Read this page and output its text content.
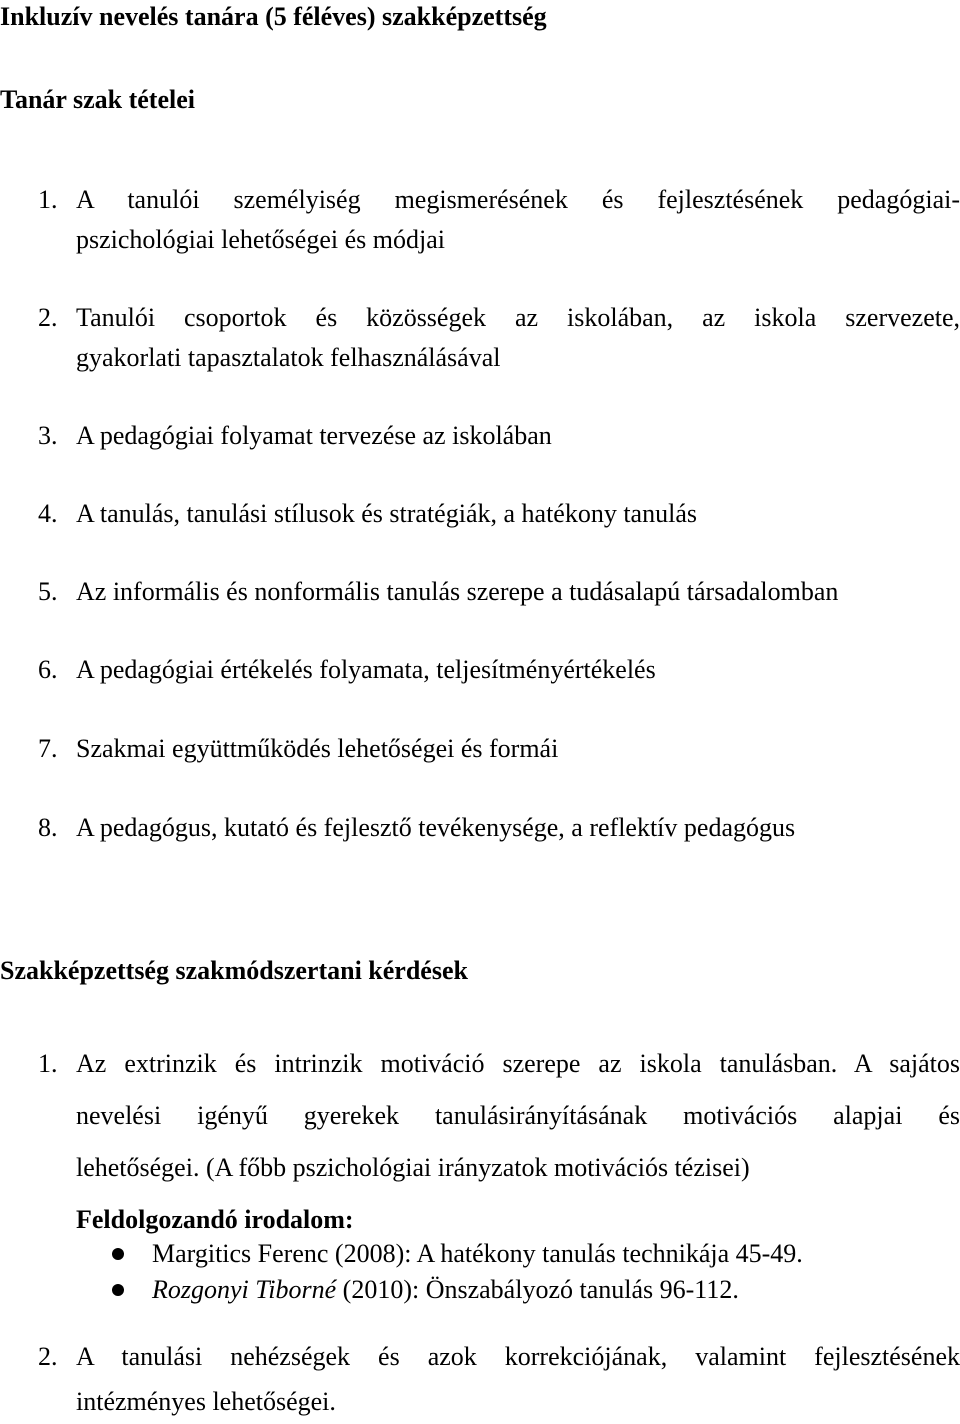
Inkluzív nevelés tanára (5 féléves) szakképzettség
Tanár szak tételei
1. A tanulói személyiség megismerésének és fejlesztésének pedagógiai-
pszichológiai lehetőségei és módjai
2. Tanulói csoportok és közösségek az iskolában, az iskola szervezete,
gyakorlati tapasztalatok felhasználásával
3. A pedagógiai folyamat tervezése az iskolában
4. A tanulás, tanulási stílusok és stratégiák, a hatékony tanulás
5. Az informális és nonformális tanulás szerepe a tudásalapú társadalomban
6. A pedagógiai értékelés folyamata, teljesítményértékelés
7. Szakmai együttműködés lehetőségei és formái
8. A pedagógus, kutató és fejlesztő tevékenysége, a reflektív pedagógus
Szakképzettség szakmódszertani kérdések
1. Az extrinzik és intrinzik motiváció szerepe az iskola tanulásban. A sajátos
nevelési igényű gyerekek tanulásirányításának motivációs alapjai és
lehetőségei. (A főbb pszichológiai irányzatok motivációs tézisei)
Feldolgozandó irodalom:
Margitics Ferenc (2008): A hatékony tanulás technikája 45-49.
Rozgonyi Tiborné (2010): Önszabályozó tanulás 96-112.
2. A tanulási nehézségek és azok korrekciójának, valamint fejlesztésének
intézményes lehetőségei.
